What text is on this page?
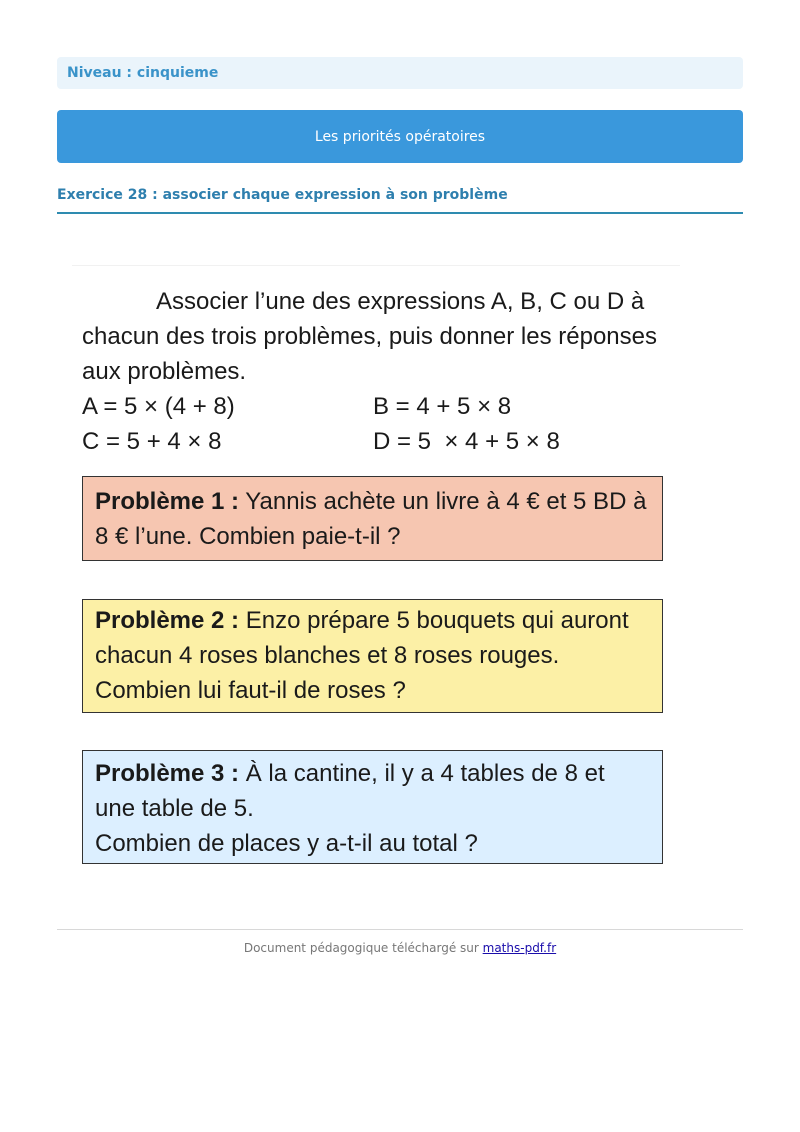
Niveau : cinquieme
Les priorités opératoires
Exercice 28 : associer chaque expression à son problème
Associer l’une des expressions A, B, C ou D à chacun des trois problèmes, puis donner les réponses aux problèmes.
A = 5 × (4 + 8)	B = 4 + 5 × 8
C = 5 + 4 × 8	D = 5  × 4 + 5 × 8
Problème 1 : Yannis achète un livre à 4 € et 5 BD à 8 € l’une. Combien paie-t-il ?
Problème 2 : Enzo prépare 5 bouquets qui auront chacun 4 roses blanches et 8 roses rouges. Combien lui faut-il de roses ?
Problème 3 : À la cantine, il y a 4 tables de 8 et une table de 5.
Combien de places y a-t-il au total ?
Document pédagogique téléchargé sur maths-pdf.fr
